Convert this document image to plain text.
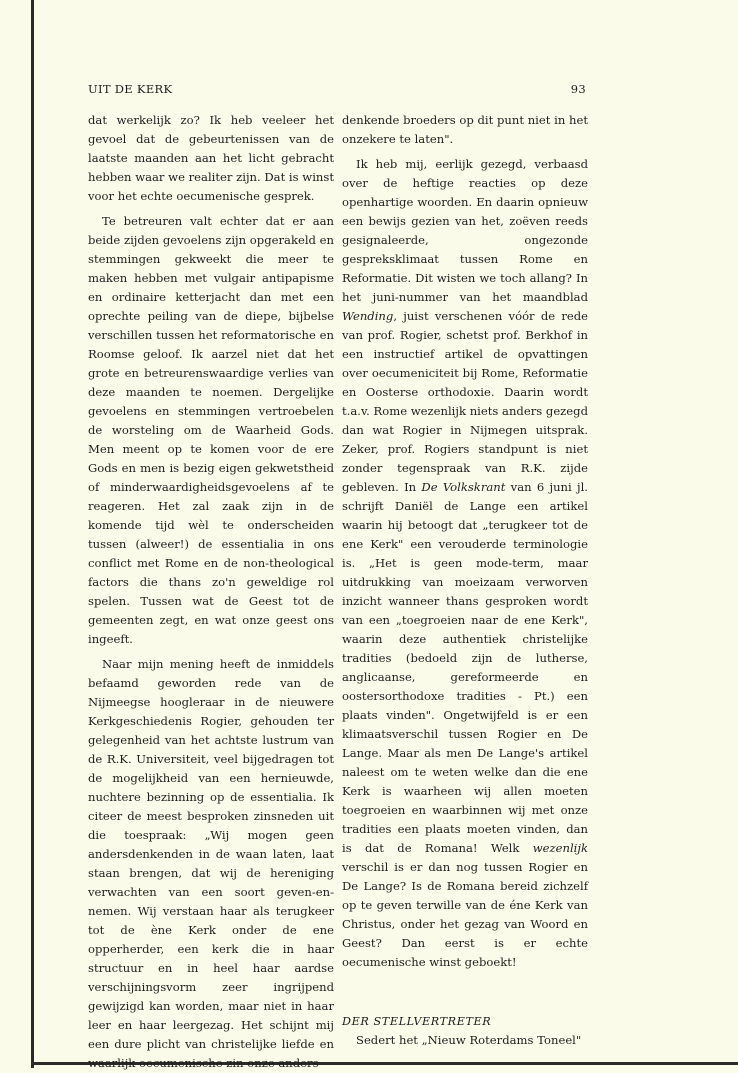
UIT DE KERK	93

dat werkelijk zo? Ik heb veeleer het gevoel dat de gebeurtenissen van de laatste maanden aan het licht gebracht hebben waar we realiter zijn. Dat is winst voor het echte oecumenische gesprek.

Te betreuren valt echter dat er aan beide zijden gevoelens zijn opgerakeld en stemmingen gekweekt die meer te maken hebben met vulgair antipapisme en ordinaire ketterjacht dan met een oprechte peiling van de diepe, bijbelse verschillen tussen het reformatorische en Roomse geloof. Ik aarzel niet dat het grote en betreurenswaardige verlies van deze maanden te noemen. Dergelijke gevoelens en stemmingen vertroebelen de worsteling om de Waarheid Gods. Men meent op te komen voor de ere Gods en men is bezig eigen gekwetstheid of minderwaardigheidsgevoelens af te reageren. Het zal zaak zijn in de komende tijd wèl te onderscheiden tussen (alweer!) de essentialia in ons conflict met Rome en de non-theological factors die thans zo'n geweldige rol spelen. Tussen wat de Geest tot de gemeenten zegt, en wat onze geest ons ingeeft.

Naar mijn mening heeft de inmiddels befaamd geworden rede van de Nijmeegse hoogleraar in de nieuwere Kerkgeschiedenis Rogier, gehouden ter gelegenheid van het achtste lustrum van de R.K. Universiteit, veel bijgedragen tot de mogelijkheid van een hernieuwde, nuchtere bezinning op de essentialia. Ik citeer de meest besproken zinsneden uit die toespraak: „Wij mogen geen andersdenkenden in de waan laten, laat staan brengen, dat wij de hereniging verwachten van een soort geven-en-nemen. Wij verstaan haar als terugkeer tot de ène Kerk onder de ene opperherder, een kerk die in haar structuur en in heel haar aardse verschijningsvorm zeer ingrijpend gewijzigd kan worden, maar niet in haar leer en haar leergezag. Het schijnt mij een dure plicht van christelijke liefde en waarlijk oecumenische zin onze anders

denkende broeders op dit punt niet in het onzekere te laten".

Ik heb mij, eerlijk gezegd, verbaasd over de heftige reacties op deze openhartige woorden. En daarin opnieuw een bewijs gezien van het, zoëven reeds gesignaleerde, ongezonde gespreksklimaat tussen Rome en Reformatie. Dit wisten we toch allang? In het juni-nummer van het maandblad Wending, juist verschenen vóór de rede van prof. Rogier, schetst prof. Berkhof in een instructief artikel de opvattingen over oecumeniciteit bij Rome, Reformatie en Oosterse orthodoxie. Daarin wordt t.a.v. Rome wezenlijk niets anders gezegd dan wat Rogier in Nijmegen uitsprak. Zeker, prof. Rogiers standpunt is niet zonder tegenspraak van R.K. zijde gebleven. In De Volkskrant van 6 juni jl. schrijft Daniël de Lange een artikel waarin hij betoogt dat „terugkeer tot de ene Kerk" een verouderde terminologie is. „Het is geen mode-term, maar uitdrukking van moeizaam verworven inzicht wanneer thans gesproken wordt van een „toegroeien naar de ene Kerk", waarin deze authentiek christelijke tradities (bedoeld zijn de lutherse, anglicaanse, gereformeerde en oostersorthodoxe tradities - Pt.) een plaats vinden". Ongetwijfeld is er een klimaatsverschil tussen Rogier en De Lange. Maar als men De Lange's artikel naleest om te weten welke dan die ene Kerk is waarheen wij allen moeten toegroeien en waarbinnen wij met onze tradities een plaats moeten vinden, dan is dat de Romana! Welk wezenlijk verschil is er dan nog tussen Rogier en De Lange? Is de Romana bereid zichzelf op te geven terwille van de éne Kerk van Christus, onder het gezag van Woord en Geest? Dan eerst is er echte oecumenische winst geboekt!

DER STELLVERTRETER

Sedert het „Nieuw Roterdams Toneel"
